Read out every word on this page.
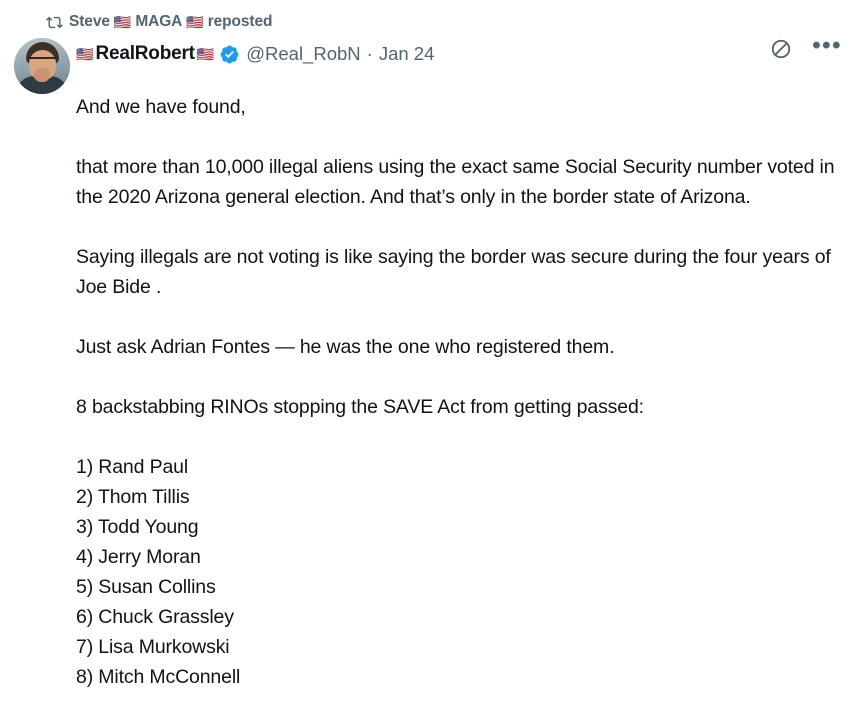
Steve 🇺🇸 MAGA 🇺🇸 reposted
🇺🇸 RealRobert 🇺🇸 @Real_RobN · Jan 24	•••

And we have found,

that more than 10,000 illegal aliens using the exact same Social Security number voted in the 2020 Arizona general election. And that’s only in the border state of Arizona.

Saying illegals are not voting is like saying the border was secure during the four years of Joe Bide .

Just ask Adrian Fontes — he was the one who registered them.

8 backstabbing RINOs stopping the SAVE Act from getting passed:

1) Rand Paul

2) Thom Tillis

3) Todd Young

4) Jerry Moran

5) Susan Collins

6) Chuck Grassley

7) Lisa Murkowski

8) Mitch McConnell
